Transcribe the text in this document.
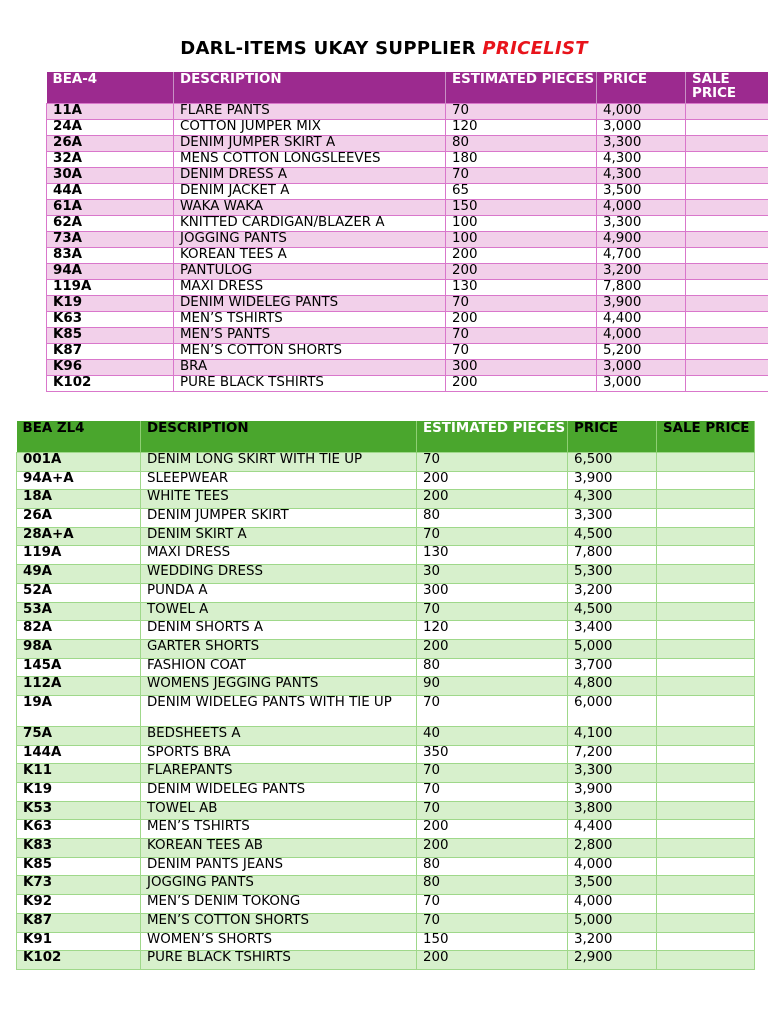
DARL-ITEMS UKAY SUPPLIER PRICELIST
BEA-4	DESCRIPTION	ESTIMATED PIECES	PRICE	SALE PRICE
11A	FLARE PANTS	70	4,000	
24A	COTTON JUMPER MIX	120	3,000	
26A	DENIM JUMPER SKIRT A	80	3,300	
32A	MENS COTTON LONGSLEEVES	180	4,300	
30A	DENIM DRESS A	70	4,300	
44A	DENIM JACKET A	65	3,500	
61A	WAKA WAKA	150	4,000	
62A	KNITTED CARDIGAN/BLAZER A	100	3,300	
73A	JOGGING PANTS	100	4,900	
83A	KOREAN TEES A	200	4,700	
94A	PANTULOG	200	3,200	
119A	MAXI DRESS	130	7,800	
K19	DENIM WIDELEG PANTS	70	3,900	
K63	MEN’S TSHIRTS	200	4,400	
K85	MEN’S PANTS	70	4,000	
K87	MEN’S COTTON SHORTS	70	5,200	
K96	BRA	300	3,000	
K102	PURE BLACK TSHIRTS	200	3,000	
BEA ZL4	DESCRIPTION	ESTIMATED PIECES	PRICE	SALE PRICE
001A	DENIM LONG SKIRT WITH TIE UP	70	6,500	
94A+A	SLEEPWEAR	200	3,900	
18A	WHITE TEES	200	4,300	
26A	DENIM JUMPER SKIRT	80	3,300	
28A+A	DENIM SKIRT A	70	4,500	
119A	MAXI DRESS	130	7,800	
49A	WEDDING DRESS	30	5,300	
52A	PUNDA A	300	3,200	
53A	TOWEL A	70	4,500	
82A	DENIM SHORTS A	120	3,400	
98A	GARTER SHORTS	200	5,000	
145A	FASHION COAT	80	3,700	
112A	WOMENS JEGGING PANTS	90	4,800	
19A	DENIM WIDELEG PANTS WITH TIE UP	70	6,000	
75A	BEDSHEETS A	40	4,100	
144A	SPORTS BRA	350	7,200	
K11	FLAREPANTS	70	3,300	
K19	DENIM WIDELEG PANTS	70	3,900	
K53	TOWEL AB	70	3,800	
K63	MEN’S TSHIRTS	200	4,400	
K83	KOREAN TEES AB	200	2,800	
K85	DENIM PANTS JEANS	80	4,000	
K73	JOGGING PANTS	80	3,500	
K92	MEN’S DENIM TOKONG	70	4,000	
K87	MEN’S COTTON SHORTS	70	5,000	
K91	WOMEN’S SHORTS	150	3,200	
K102	PURE BLACK TSHIRTS	200	2,900	
